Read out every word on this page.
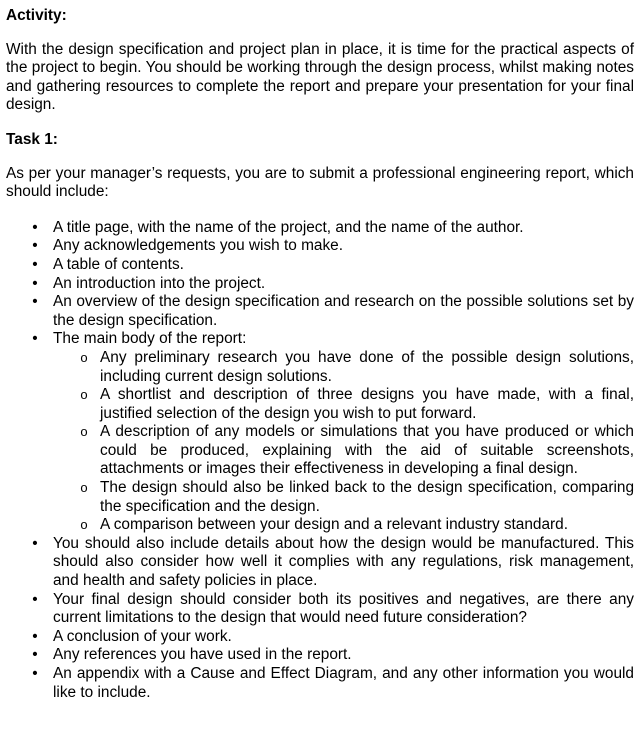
Activity:

With the design specification and project plan in place, it is time for the practical aspects of the project to begin. You should be working through the design process, whilst making notes and gathering resources to complete the report and prepare your presentation for your final design.

Task 1:

As per your manager’s requests, you are to submit a professional engineering report, which should include:

• A title page, with the name of the project, and the name of the author.
• Any acknowledgements you wish to make.
• A table of contents.
• An introduction into the project.
• An overview of the design specification and research on the possible solutions set by the design specification.
• The main body of the report:
o Any preliminary research you have done of the possible design solutions, including current design solutions.
o A shortlist and description of three designs you have made, with a final, justified selection of the design you wish to put forward.
o A description of any models or simulations that you have produced or which could be produced, explaining with the aid of suitable screenshots, attachments or images their effectiveness in developing a final design.
o The design should also be linked back to the design specification, comparing the specification and the design.
o A comparison between your design and a relevant industry standard.
• You should also include details about how the design would be manufactured. This should also consider how well it complies with any regulations, risk management, and health and safety policies in place.
• Your final design should consider both its positives and negatives, are there any current limitations to the design that would need future consideration?
• A conclusion of your work.
• Any references you have used in the report.
• An appendix with a Cause and Effect Diagram, and any other information you would like to include.
